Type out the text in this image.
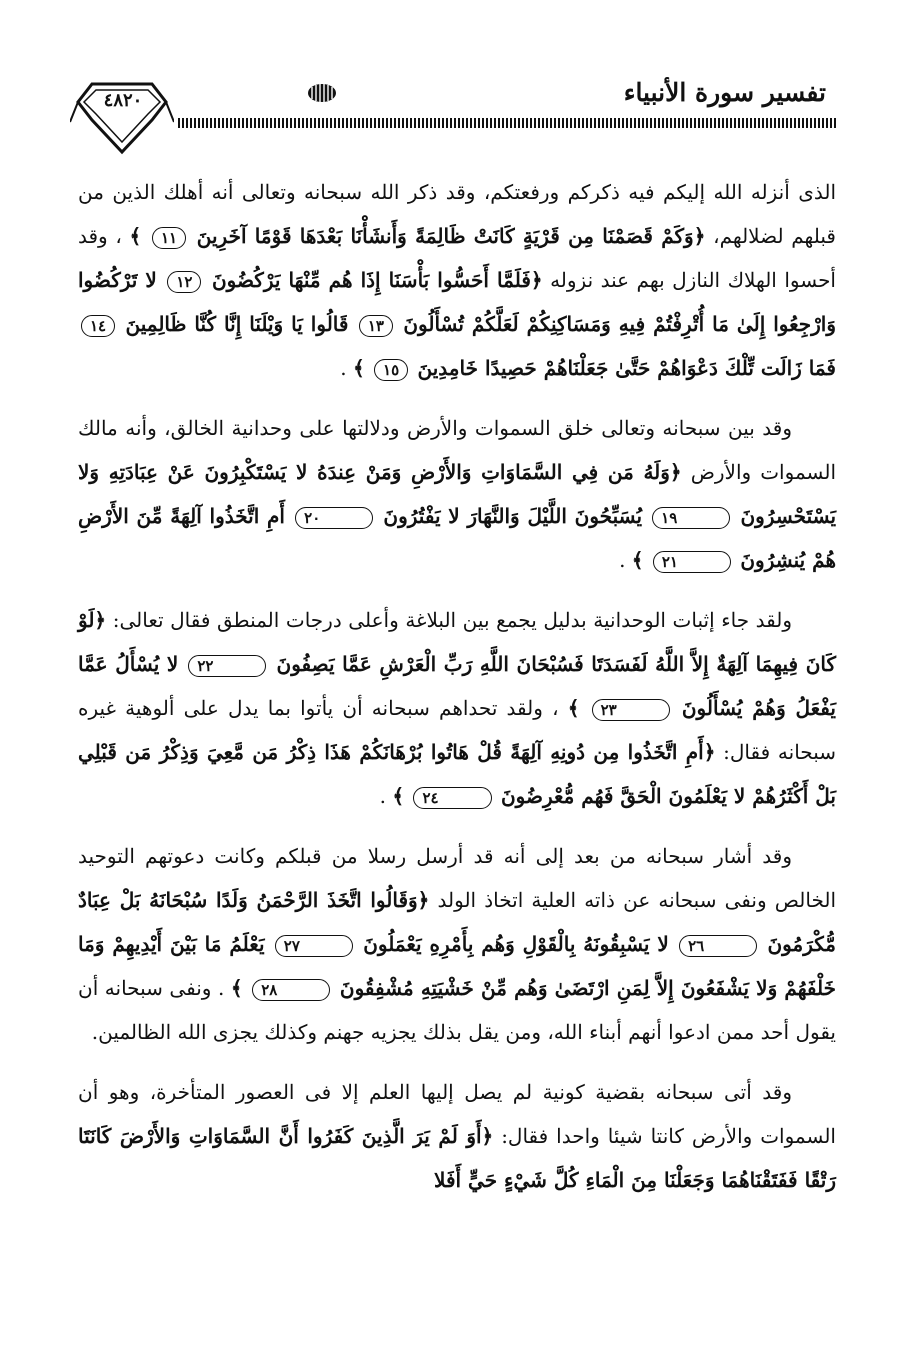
تفسير سورة الأنبياء
٤٨٢٠

الذى أنزله الله إليكم فيه ذكركم ورفعتكم، وقد ذكر الله سبحانه وتعالى أنه أهلك الذين من قبلهم لضلالهم، ﴿وَكَمْ قَصَمْنَا مِن قَرْيَةٍ كَانَتْ ظَالِمَةً وَأَنشَأْنَا بَعْدَهَا قَوْمًا آخَرِينَ ١١ ﴾ ، وقد أحسوا الهلاك النازل بهم عند نزوله ﴿فَلَمَّا أَحَسُّوا بَأْسَنَا إِذَا هُم مِّنْهَا يَرْكُضُونَ ١٢ لا تَرْكُضُوا وَارْجِعُوا إِلَىٰ مَا أُتْرِفْتُمْ فِيهِ وَمَسَاكِنِكُمْ لَعَلَّكُمْ تُسْأَلُونَ ١٣ قَالُوا يَا وَيْلَنَا إِنَّا كُنَّا ظَالِمِينَ ١٤ فَمَا زَالَت تِّلْكَ دَعْوَاهُمْ حَتَّىٰ جَعَلْنَاهُمْ حَصِيدًا خَامِدِينَ ١٥ ﴾ .

وقد بين سبحانه وتعالى خلق السموات والأرض ودلالتها على وحدانية الخالق، وأنه مالك السموات والأرض ﴿وَلَهُ مَن فِي السَّمَاوَاتِ وَالأَرْضِ وَمَنْ عِندَهُ لا يَسْتَكْبِرُونَ عَنْ عِبَادَتِهِ وَلا يَسْتَحْسِرُونَ ١٩ يُسَبِّحُونَ اللَّيْلَ وَالنَّهَارَ لا يَفْتُرُونَ ٢٠ أَمِ اتَّخَذُوا آلِهَةً مِّنَ الأَرْضِ هُمْ يُنشِرُونَ ٢١ ﴾ .

ولقد جاء إثبات الوحدانية بدليل يجمع بين البلاغة وأعلى درجات المنطق فقال تعالى: ﴿لَوْ كَانَ فِيهِمَا آلِهَةٌ إِلاَّ اللَّهُ لَفَسَدَتَا فَسُبْحَانَ اللَّهِ رَبِّ الْعَرْشِ عَمَّا يَصِفُونَ ٢٢ لا يُسْأَلُ عَمَّا يَفْعَلُ وَهُمْ يُسْأَلُونَ ٢٣ ﴾ ، ولقد تحداهم سبحانه أن يأتوا بما يدل على ألوهية غيره سبحانه فقال: ﴿أَمِ اتَّخَذُوا مِن دُونِهِ آلِهَةً قُلْ هَاتُوا بُرْهَانَكُمْ هَذَا ذِكْرُ مَن مَّعِيَ وَذِكْرُ مَن قَبْلِي بَلْ أَكْثَرُهُمْ لا يَعْلَمُونَ الْحَقَّ فَهُم مُّعْرِضُونَ ٢٤ ﴾ .

وقد أشار سبحانه من بعد إلى أنه قد أرسل رسلا من قبلكم وكانت دعوتهم التوحيد الخالص ونفى سبحانه عن ذاته العلية اتخاذ الولد ﴿وَقَالُوا اتَّخَذَ الرَّحْمَنُ وَلَدًا سُبْحَانَهُ بَلْ عِبَادٌ مُّكْرَمُونَ ٢٦ لا يَسْبِقُونَهُ بِالْقَوْلِ وَهُم بِأَمْرِهِ يَعْمَلُونَ ٢٧ يَعْلَمُ مَا بَيْنَ أَيْدِيهِمْ وَمَا خَلْفَهُمْ وَلا يَشْفَعُونَ إِلاَّ لِمَنِ ارْتَضَىٰ وَهُم مِّنْ خَشْيَتِهِ مُشْفِقُونَ ٢٨ ﴾ . ونفى سبحانه أن يقول أحد ممن ادعوا أنهم أبناء الله، ومن يقل بذلك يجزيه جهنم وكذلك يجزى الله الظالمين.

وقد أتى سبحانه بقضية كونية لم يصل إليها العلم إلا فى العصور المتأخرة، وهو أن السموات والأرض كانتا شيئا واحدا فقال: ﴿أَوَ لَمْ يَرَ الَّذِينَ كَفَرُوا أَنَّ السَّمَاوَاتِ وَالأَرْضَ كَانَتَا رَتْقًا فَفَتَقْنَاهُمَا وَجَعَلْنَا مِنَ الْمَاءِ كُلَّ شَيْءٍ حَيٍّ أَفَلا
